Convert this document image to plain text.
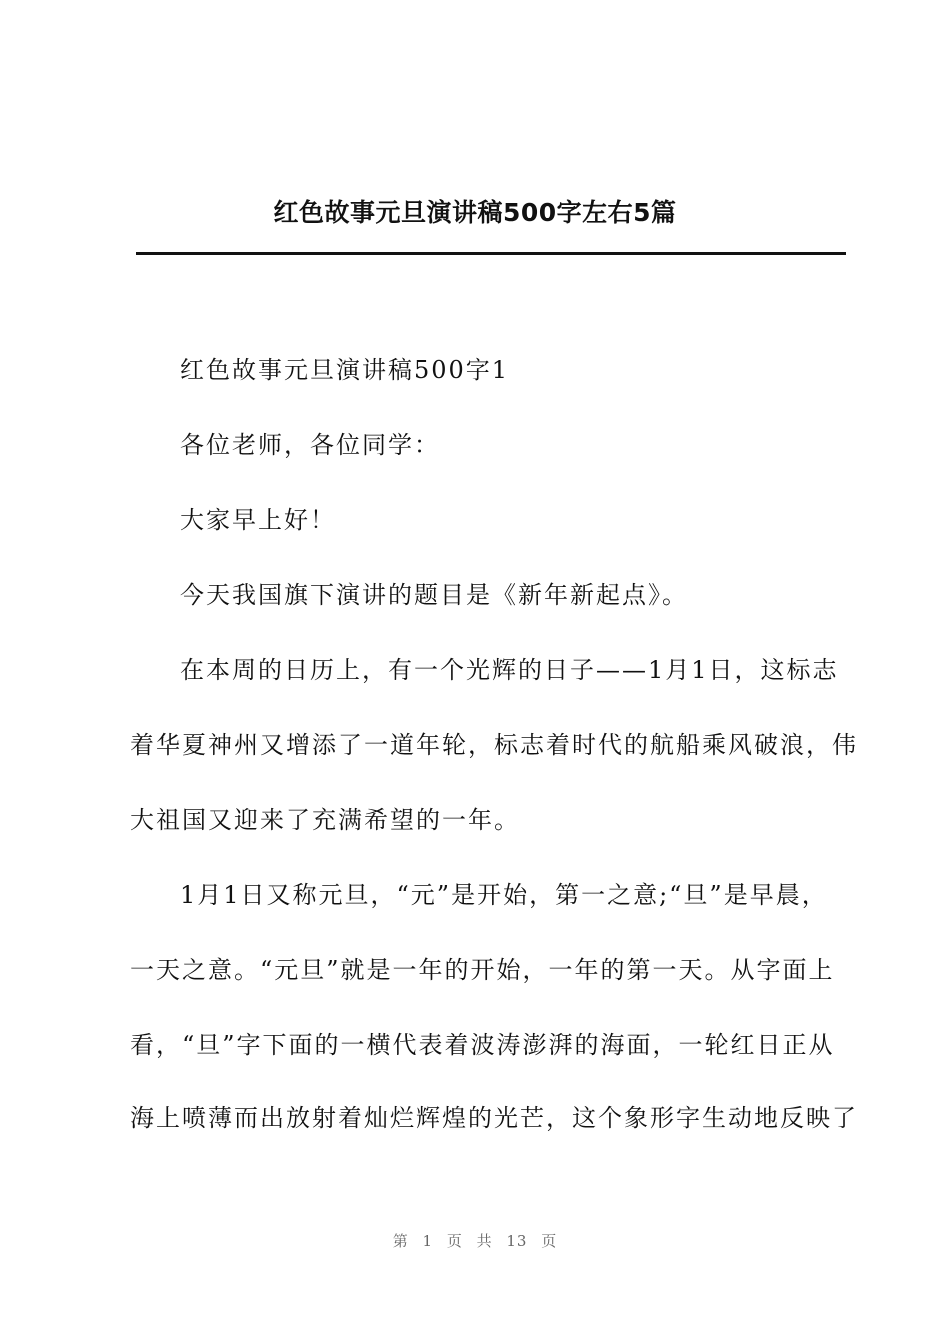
红色故事元旦演讲稿500字左右5篇
红色故事元旦演讲稿500字1
各位老师，各位同学：
大家早上好！
今天我国旗下演讲的题目是《新年新起点》。
在本周的日历上，有一个光辉的日子——1月1日，这标志
着华夏神州又增添了一道年轮，标志着时代的航船乘风破浪，伟
大祖国又迎来了充满希望的一年。
1月1日又称元旦，“元”是开始，第一之意;“旦”是早晨，
一天之意。“元旦”就是一年的开始，一年的第一天。从字面上
看，“旦”字下面的一横代表着波涛澎湃的海面，一轮红日正从
海上喷薄而出放射着灿烂辉煌的光芒，这个象形字生动地反映了
第 1 页 共 13 页
